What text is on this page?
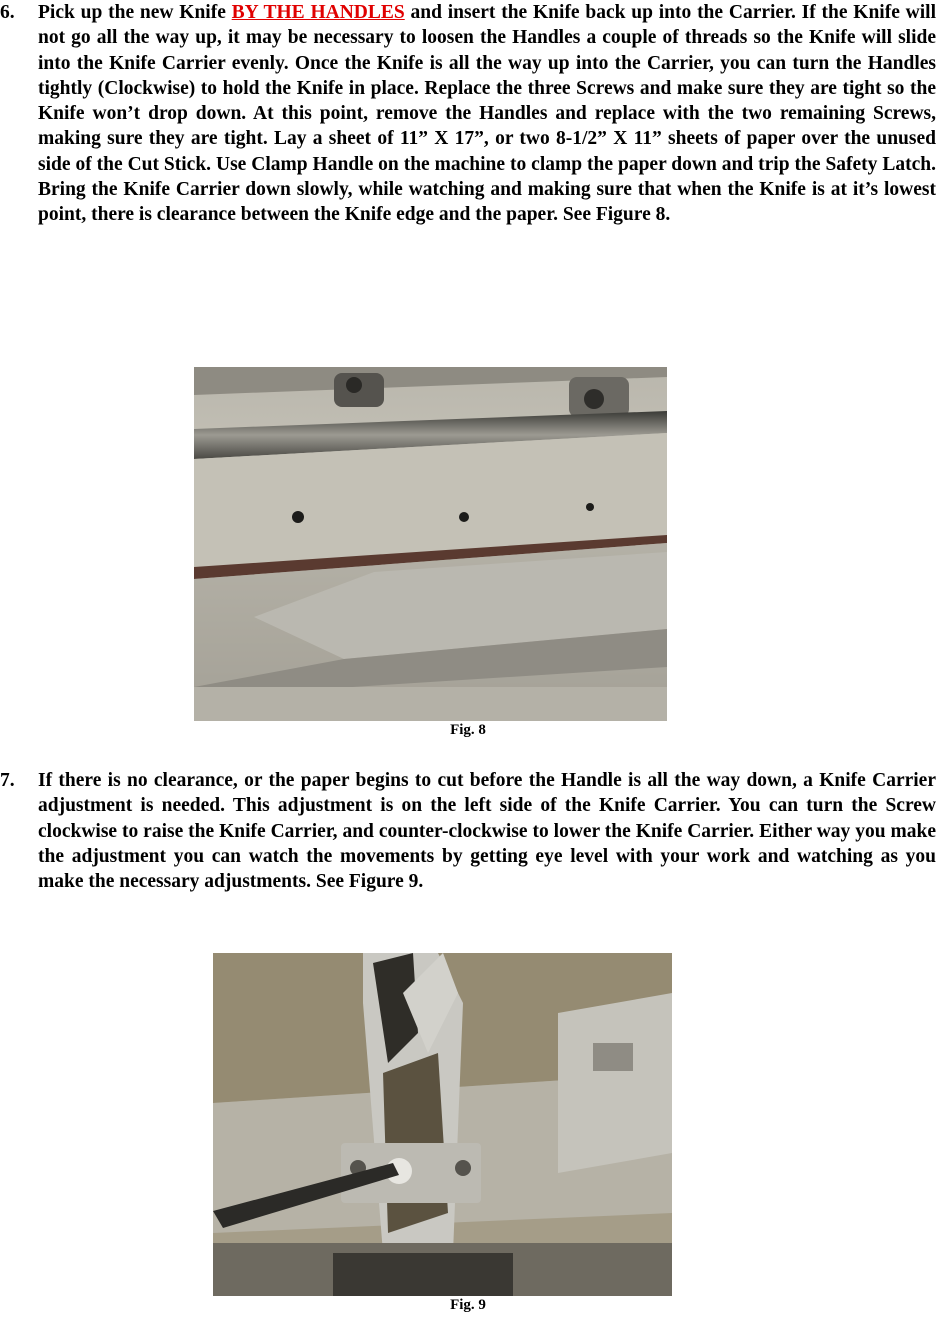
6. Pick up the new Knife BY THE HANDLES and insert the Knife back up into the Carrier. If the Knife will not go all the way up, it may be necessary to loosen the Handles a couple of threads so the Knife will slide into the Knife Carrier evenly. Once the Knife is all the way up into the Carrier, you can turn the Handles tightly (Clockwise) to hold the Knife in place. Replace the three Screws and make sure they are tight so the Knife won’t drop down. At this point, remove the Handles and replace with the two remaining Screws, making sure they are tight. Lay a sheet of 11” X 17”, or two 8-1/2” X 11” sheets of paper over the unused side of the Cut Stick. Use Clamp Handle on the machine to clamp the paper down and trip the Safety Latch. Bring the Knife Carrier down slowly, while watching and making sure that when the Knife is at it’s lowest point, there is clearance between the Knife edge and the paper. See Figure 8.
Fig. 8
7. If there is no clearance, or the paper begins to cut before the Handle is all the way down, a Knife Carrier adjustment is needed. This adjustment is on the left side of the Knife Carrier. You can turn the Screw clockwise to raise the Knife Carrier, and counter-clockwise to lower the Knife Carrier. Either way you make the adjustment you can watch the movements by getting eye level with your work and watching as you make the necessary adjustments. See Figure 9.
Fig. 9
